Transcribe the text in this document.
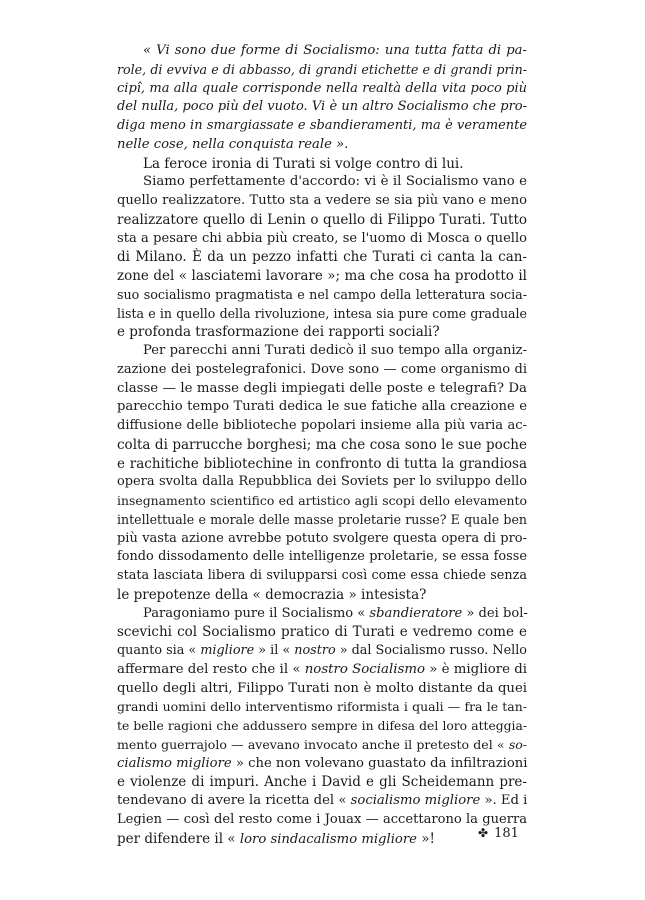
« Vi sono due forme di Socialismo: una tutta fatta di pa-
role, di evviva e di abbasso, di grandi etichette e di grandi prin-
cipî, ma alla quale corrisponde nella realtà della vita poco più
del nulla, poco più del vuoto. Vi è un altro Socialismo che pro-
diga meno in smargiassate e sbandieramenti, ma è veramente
nelle cose, nella conquista reale ».
La feroce ironia di Turati si volge contro di lui.
Siamo perfettamente d'accordo: vi è il Socialismo vano e
quello realizzatore. Tutto sta a vedere se sia più vano e meno
realizzatore quello di Lenin o quello di Filippo Turati. Tutto
sta a pesare chi abbia più creato, se l'uomo di Mosca o quello
di Milano. È da un pezzo infatti che Turati ci canta la can-
zone del « lasciatemi lavorare »; ma che cosa ha prodotto il
suo socialismo pragmatista e nel campo della letteratura socia-
lista e in quello della rivoluzione, intesa sia pure come graduale
e profonda trasformazione dei rapporti sociali?
Per parecchi anni Turati dedicò il suo tempo alla organiz-
zazione dei postelegrafonici. Dove sono — come organismo di
classe — le masse degli impiegati delle poste e telegrafi? Da
parecchio tempo Turati dedica le sue fatiche alla creazione e
diffusione delle biblioteche popolari insieme alla più varia ac-
colta di parrucche borghesi; ma che cosa sono le sue poche
e rachitiche bibliotechine in confronto di tutta la grandiosa
opera svolta dalla Repubblica dei Soviets per lo sviluppo dello
insegnamento scientifico ed artistico agli scopi dello elevamento
intellettuale e morale delle masse proletarie russe? E quale ben
più vasta azione avrebbe potuto svolgere questa opera di pro-
fondo dissodamento delle intelligenze proletarie, se essa fosse
stata lasciata libera di svilupparsi così come essa chiede senza
le prepotenze della « democrazia » intesista?
Paragoniamo pure il Socialismo « sbandieratore » dei bol-
scevichi col Socialismo pratico di Turati e vedremo come e
quanto sia « migliore » il « nostro » dal Socialismo russo. Nello
affermare del resto che il « nostro Socialismo » è migliore di
quello degli altri, Filippo Turati non è molto distante da quei
grandi uomini dello interventismo riformista i quali — fra le tan-
te belle ragioni che addussero sempre in difesa del loro atteggia-
mento guerrajolo — avevano invocato anche il pretesto del « so-
cialismo migliore » che non volevano guastato da infiltrazioni
e violenze di impuri. Anche i David e gli Scheidemann pre-
tendevano di avere la ricetta del « socialismo migliore ». Ed i
Legien — così del resto come i Jouax — accettarono la guerra
per difendere il « loro sindacalismo migliore »!	✤ 181
